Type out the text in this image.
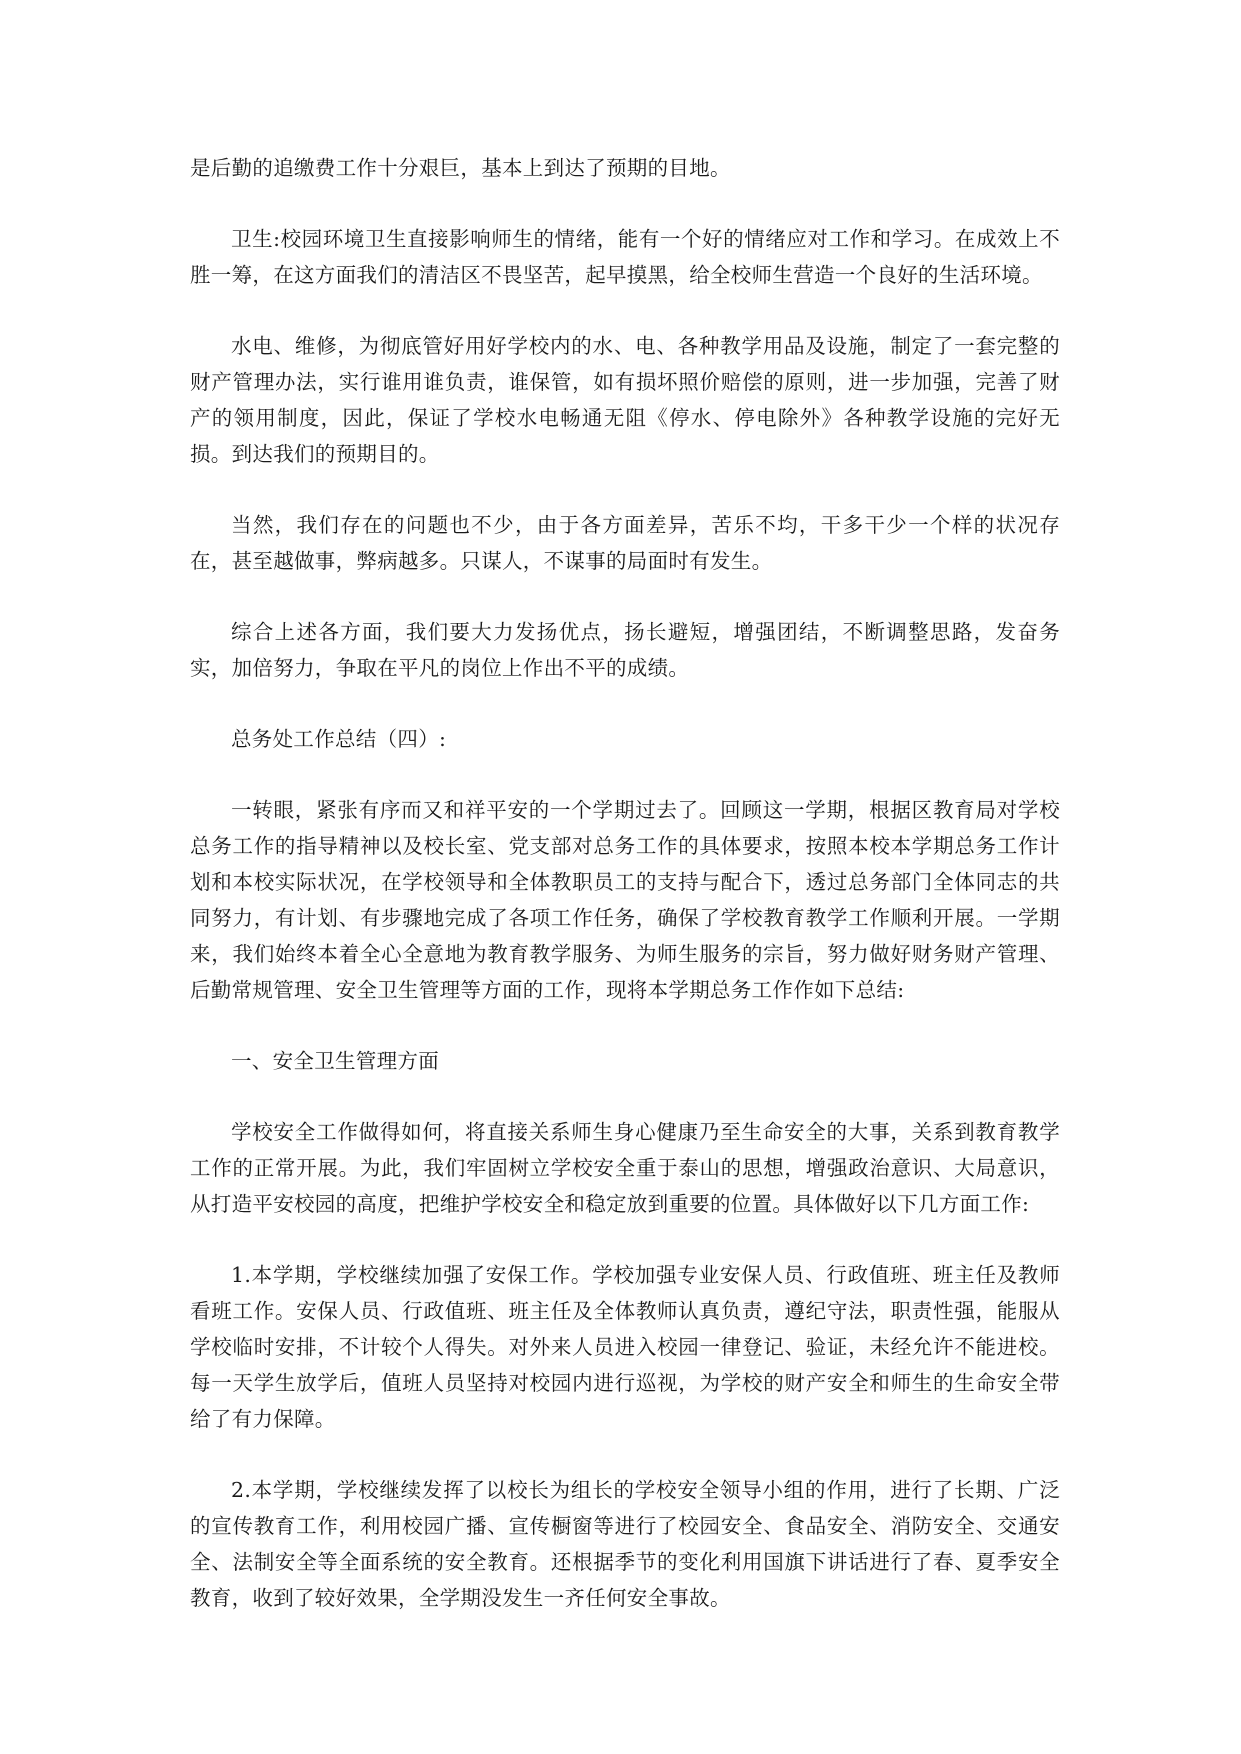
是后勤的追缴费工作十分艰巨，基本上到达了预期的目地。

卫生:校园环境卫生直接影响师生的情绪，能有一个好的情绪应对工作和学习。在成效上不胜一筹，在这方面我们的清洁区不畏坚苦，起早摸黑，给全校师生营造一个良好的生活环境。

水电、维修，为彻底管好用好学校内的水、电、各种教学用品及设施，制定了一套完整的财产管理办法，实行谁用谁负责，谁保管，如有损坏照价赔偿的原则，进一步加强，完善了财产的领用制度，因此，保证了学校水电畅通无阻《停水、停电除外》各种教学设施的完好无损。到达我们的预期目的。

当然，我们存在的问题也不少，由于各方面差异，苦乐不均，干多干少一个样的状况存在，甚至越做事，弊病越多。只谋人，不谋事的局面时有发生。

综合上述各方面，我们要大力发扬优点，扬长避短，增强团结，不断调整思路，发奋务实，加倍努力，争取在平凡的岗位上作出不平的成绩。

总务处工作总结（四）:

一转眼，紧张有序而又和祥平安的一个学期过去了。回顾这一学期，根据区教育局对学校总务工作的指导精神以及校长室、党支部对总务工作的具体要求，按照本校本学期总务工作计划和本校实际状况，在学校领导和全体教职员工的支持与配合下，透过总务部门全体同志的共同努力，有计划、有步骤地完成了各项工作任务，确保了学校教育教学工作顺利开展。一学期来，我们始终本着全心全意地为教育教学服务、为师生服务的宗旨，努力做好财务财产管理、后勤常规管理、安全卫生管理等方面的工作，现将本学期总务工作作如下总结:

一、安全卫生管理方面

学校安全工作做得如何，将直接关系师生身心健康乃至生命安全的大事，关系到教育教学工作的正常开展。为此，我们牢固树立学校安全重于泰山的思想，增强政治意识、大局意识，从打造平安校园的高度，把维护学校安全和稳定放到重要的位置。具体做好以下几方面工作:

1.本学期，学校继续加强了安保工作。学校加强专业安保人员、行政值班、班主任及教师看班工作。安保人员、行政值班、班主任及全体教师认真负责，遵纪守法，职责性强，能服从学校临时安排，不计较个人得失。对外来人员进入校园一律登记、验证，未经允许不能进校。每一天学生放学后，值班人员坚持对校园内进行巡视，为学校的财产安全和师生的生命安全带给了有力保障。

2.本学期，学校继续发挥了以校长为组长的学校安全领导小组的作用，进行了长期、广泛的宣传教育工作，利用校园广播、宣传橱窗等进行了校园安全、食品安全、消防安全、交通安全、法制安全等全面系统的安全教育。还根据季节的变化利用国旗下讲话进行了春、夏季安全教育，收到了较好效果，全学期没发生一齐任何安全事故。
